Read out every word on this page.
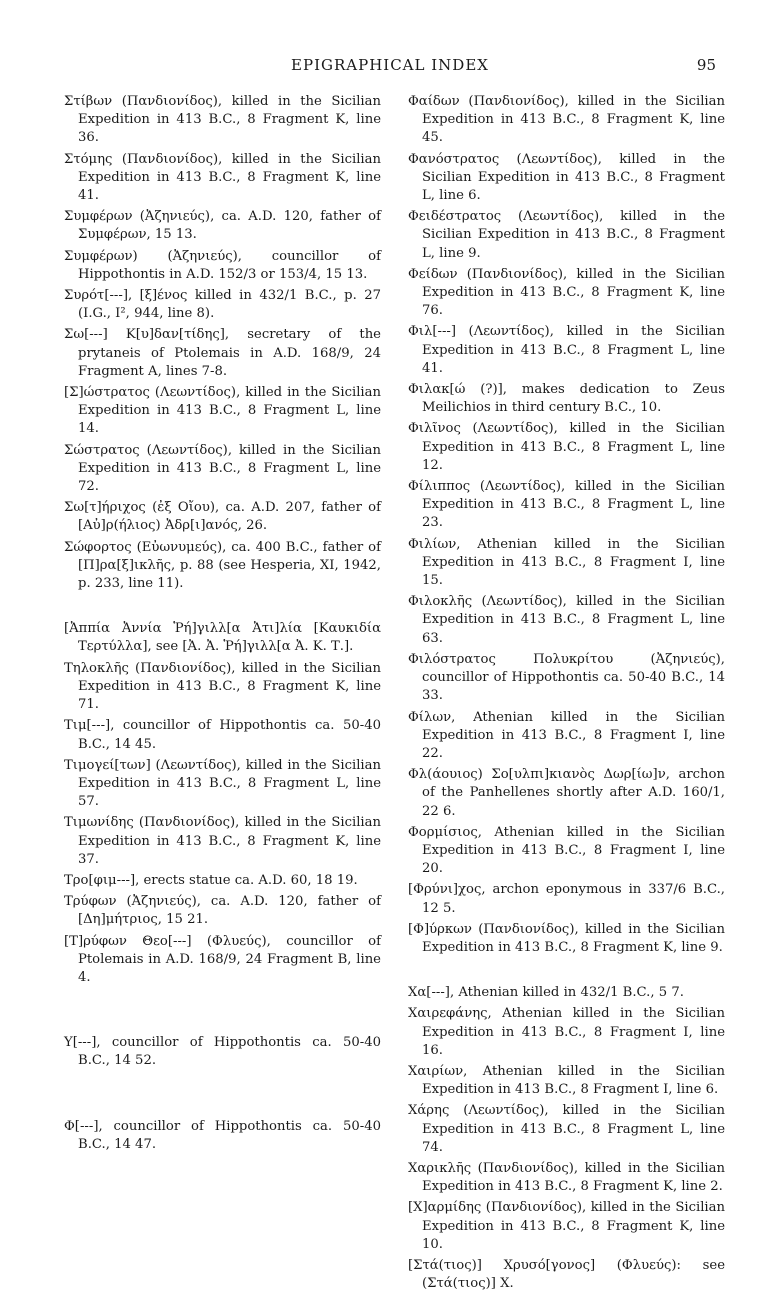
EPIGRAPHICAL INDEX	95

Στίβων (Πανδιονίδος), killed in the Sicilian Expedition in 413 B.C., 8 Fragment K, line 36.

Στόμης (Πανδιονίδος), killed in the Sicilian Expedition in 413 B.C., 8 Fragment K, line 41.

Συμφέρων (Ἀζηνιεύς), ca. A.D. 120, father of Συμφέρων, 15 13.

Συμφέρων) (Ἀζηνιεύς), councillor of Hippothontis in A.D. 152/3 or 153/4, 15 13.

Συρότ[---], [ξ]ένος killed in 432/1 B.C., p. 27 (I.G., I², 944, line 8).

Σω[---] Κ[υ]δαν[τίδης], secretary of the prytaneis of Ptolemais in A.D. 168/9, 24 Fragment A, lines 7-8.

[Σ]ώστρατος (Λεωντίδος), killed in the Sicilian Expedition in 413 B.C., 8 Fragment L, line 14.

Σώστρατος (Λεωντίδος), killed in the Sicilian Expedition in 413 B.C., 8 Fragment L, line 72.

Σω[τ]ήριχος (ἐξ Οἴου), ca. A.D. 207, father of [Αὐ]ρ(ήλιος) Ἀδρ[ι]ανός, 26.

Σώφορτος (Εὐωνυμεύς), ca. 400 B.C., father of [Π]ρα[ξ]ικλῆς, p. 88 (see Hesperia, XI, 1942, p. 233, line 11).

[Ἀππία Ἀννία Ῥή]γιλλ[α Ἀτι]λία [Καυκιδία Τερτύλλα], see [Ἀ. Ἀ. Ῥή]γιλλ[α Ἀ. Κ. Τ.].

Τηλοκλῆς (Πανδιονίδος), killed in the Sicilian Expedition in 413 B.C., 8 Fragment K, line 71.

Τιμ[---], councillor of Hippothontis ca. 50-40 B.C., 14 45.

Τιμογεί[των] (Λεωντίδος), killed in the Sicilian Expedition in 413 B.C., 8 Fragment L, line 57.

Τιμωνίδης (Πανδιονίδος), killed in the Sicilian Expedition in 413 B.C., 8 Fragment K, line 37.

Τρο[φιμ---], erects statue ca. A.D. 60, 18 19.

Τρύφων (Ἀζηνιεύς), ca. A.D. 120, father of [Δη]μήτριος, 15 21.

[Τ]ρύφων Θεο[---] (Φλυεύς), councillor of Ptolemais in A.D. 168/9, 24 Fragment B, line 4.

Υ[---], councillor of Hippothontis ca. 50-40 B.C., 14 52.

Φ[---], councillor of Hippothontis ca. 50-40 B.C., 14 47.

Φαίδων (Πανδιονίδος), killed in the Sicilian Expedition in 413 B.C., 8 Fragment K, line 45.

Φανόστρατος (Λεωντίδος), killed in the Sicilian Expedition in 413 B.C., 8 Fragment L, line 6.

Φειδέστρατος (Λεωντίδος), killed in the Sicilian Expedition in 413 B.C., 8 Fragment L, line 9.

Φείδων (Πανδιονίδος), killed in the Sicilian Expedition in 413 B.C., 8 Fragment K, line 76.

Φιλ[---] (Λεωντίδος), killed in the Sicilian Expedition in 413 B.C., 8 Fragment L, line 41.

Φιλακ[ώ (?)], makes dedication to Zeus Meilichios in third century B.C., 10.

Φιλῖνος (Λεωντίδος), killed in the Sicilian Expedition in 413 B.C., 8 Fragment L, line 12.

Φίλιππος (Λεωντίδος), killed in the Sicilian Expedition in 413 B.C., 8 Fragment L, line 23.

Φιλίων, Athenian killed in the Sicilian Expedition in 413 B.C., 8 Fragment I, line 15.

Φιλοκλῆς (Λεωντίδος), killed in the Sicilian Expedition in 413 B.C., 8 Fragment L, line 63.

Φιλόστρατος Πολυκρίτου (Ἀζηνιεύς), councillor of Hippothontis ca. 50-40 B.C., 14 33.

Φίλων, Athenian killed in the Sicilian Expedition in 413 B.C., 8 Fragment I, line 22.

Φλ(άουιος) Σο[υλπι]κιανὸς Δωρ[ίω]ν, archon of the Panhellenes shortly after A.D. 160/1, 22 6.

Φορμίσιος, Athenian killed in the Sicilian Expedition in 413 B.C., 8 Fragment I, line 20.

[Φρύνι]χος, archon eponymous in 337/6 B.C., 12 5.

[Φ]ύρκων (Πανδιονίδος), killed in the Sicilian Expedition in 413 B.C., 8 Fragment K, line 9.

Χα[---], Athenian killed in 432/1 B.C., 5 7.

Χαιρεφάνης, Athenian killed in the Sicilian Expedition in 413 B.C., 8 Fragment I, line 16.

Χαιρίων, Athenian killed in the Sicilian Expedition in 413 B.C., 8 Fragment I, line 6.

Χάρης (Λεωντίδος), killed in the Sicilian Expedition in 413 B.C., 8 Fragment L, line 74.

Χαρικλῆς (Πανδιονίδος), killed in the Sicilian Expedition in 413 B.C., 8 Fragment K, line 2.

[Χ]αρμίδης (Πανδιονίδος), killed in the Sicilian Expedition in 413 B.C., 8 Fragment K, line 10.

[Στά(τιος)] Χρυσό[γονος] (Φλυεύς): see (Στά(τιος)] Χ.
